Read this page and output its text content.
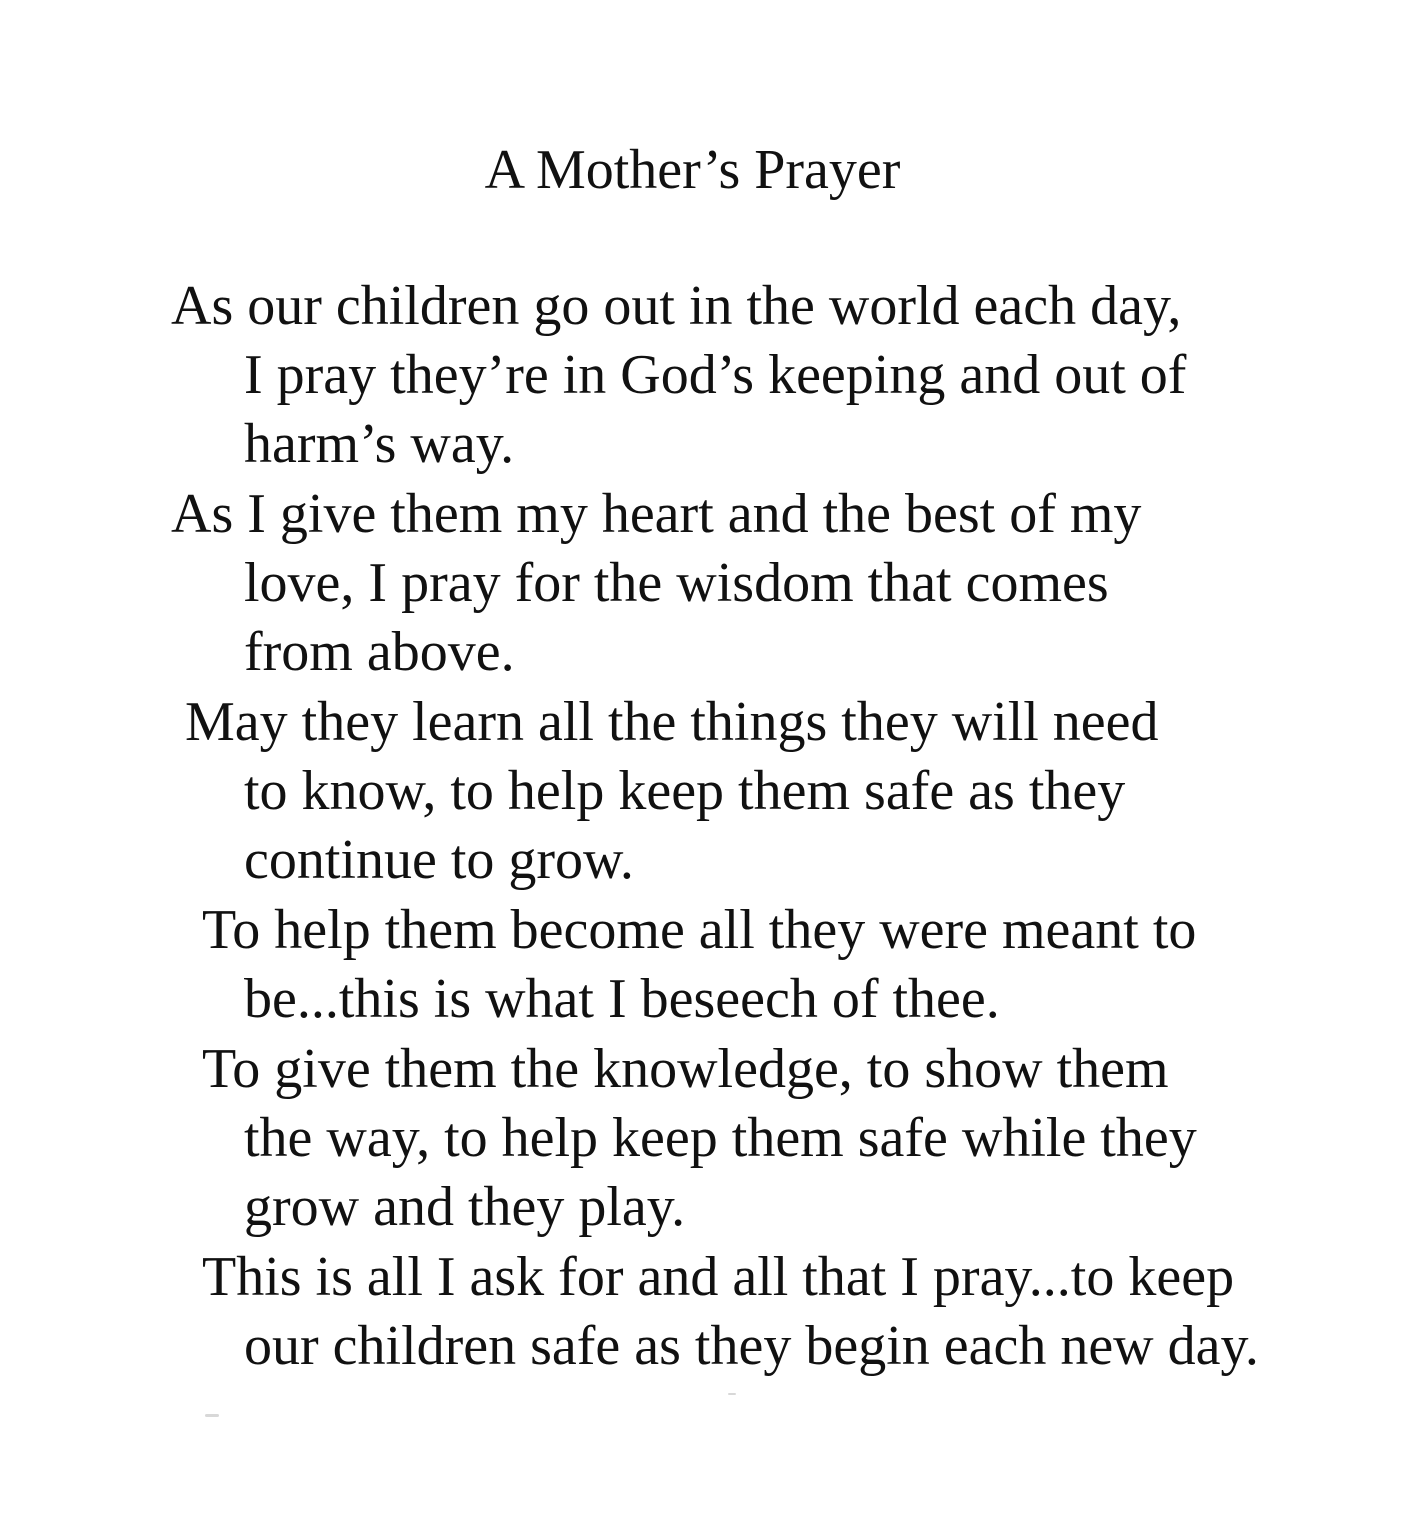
A Mother’s Prayer
As our children go out in the world each day,
I pray they’re in God’s keeping and out of
harm’s way.
As I give them my heart and the best of my
love, I pray for the wisdom that comes
from above.
May they learn all the things they will need
to know, to help keep them safe as they
continue to grow.
To help them become all they were meant to
be...this is what I beseech of thee.
To give them the knowledge, to show them
the way, to help keep them safe while they
grow and they play.
This is all I ask for and all that I pray...to keep
our children safe as they begin each new day.
